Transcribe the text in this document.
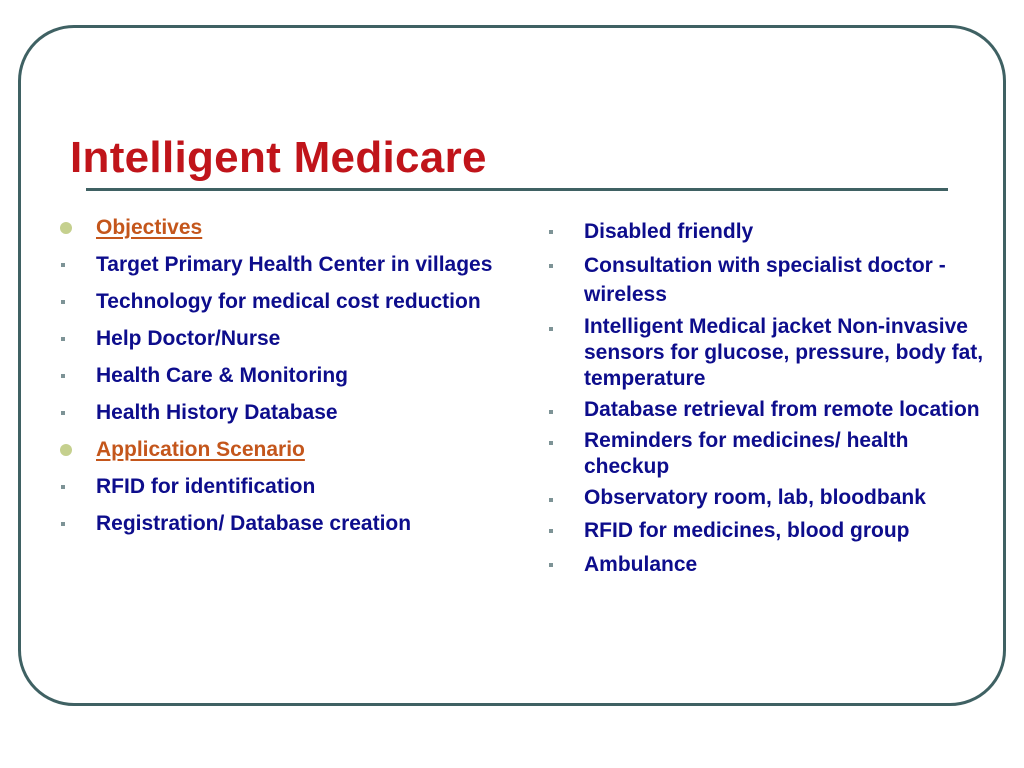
Intelligent Medicare
Objectives
Target Primary Health Center in villages
Technology for medical cost reduction
Help Doctor/Nurse
Health Care & Monitoring
Health History Database
Application Scenario
RFID for identification
Registration/ Database creation
Disabled friendly
Consultation with specialist doctor - wireless
Intelligent Medical jacket Non-invasive sensors for glucose, pressure, body fat, temperature
Database retrieval from remote location
Reminders for medicines/ health checkup
Observatory room, lab, bloodbank
RFID for medicines, blood group
Ambulance
